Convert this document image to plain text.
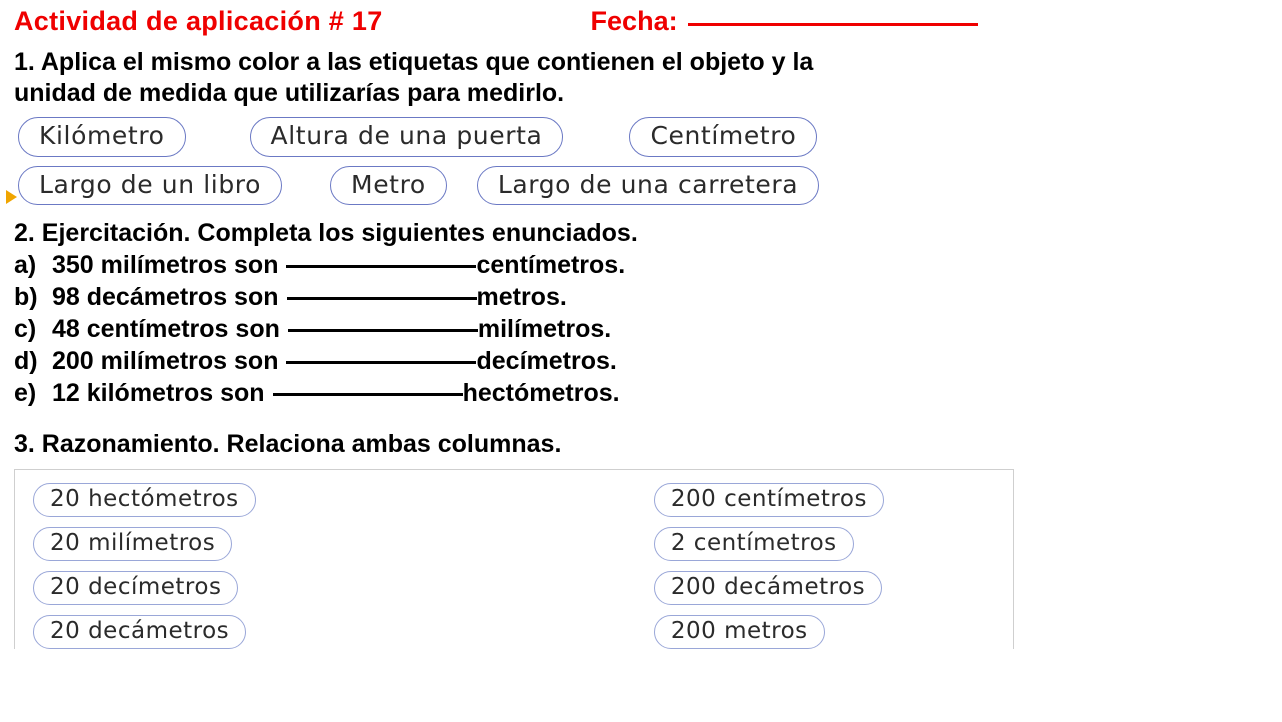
Actividad de aplicación # 17	Fecha:
1. Aplica el mismo color a las etiquetas que contienen el objeto y la
unidad de medida que utilizarías para medirlo.
Kilómetro	Altura de una puerta	Centímetro
Largo de un libro	Metro	Largo de una carretera
2. Ejercitación. Completa los siguientes enunciados.
a) 350 milímetros son	centímetros.
b) 98 decámetros son	metros.
c) 48 centímetros son	milímetros.
d) 200 milímetros son	decímetros.
e) 12 kilómetros son	hectómetros.
3. Razonamiento. Relaciona ambas columnas.
20 hectómetros	200 centímetros
20 milímetros	2 centímetros
20 decímetros	200 decámetros
20 decámetros	200 metros
